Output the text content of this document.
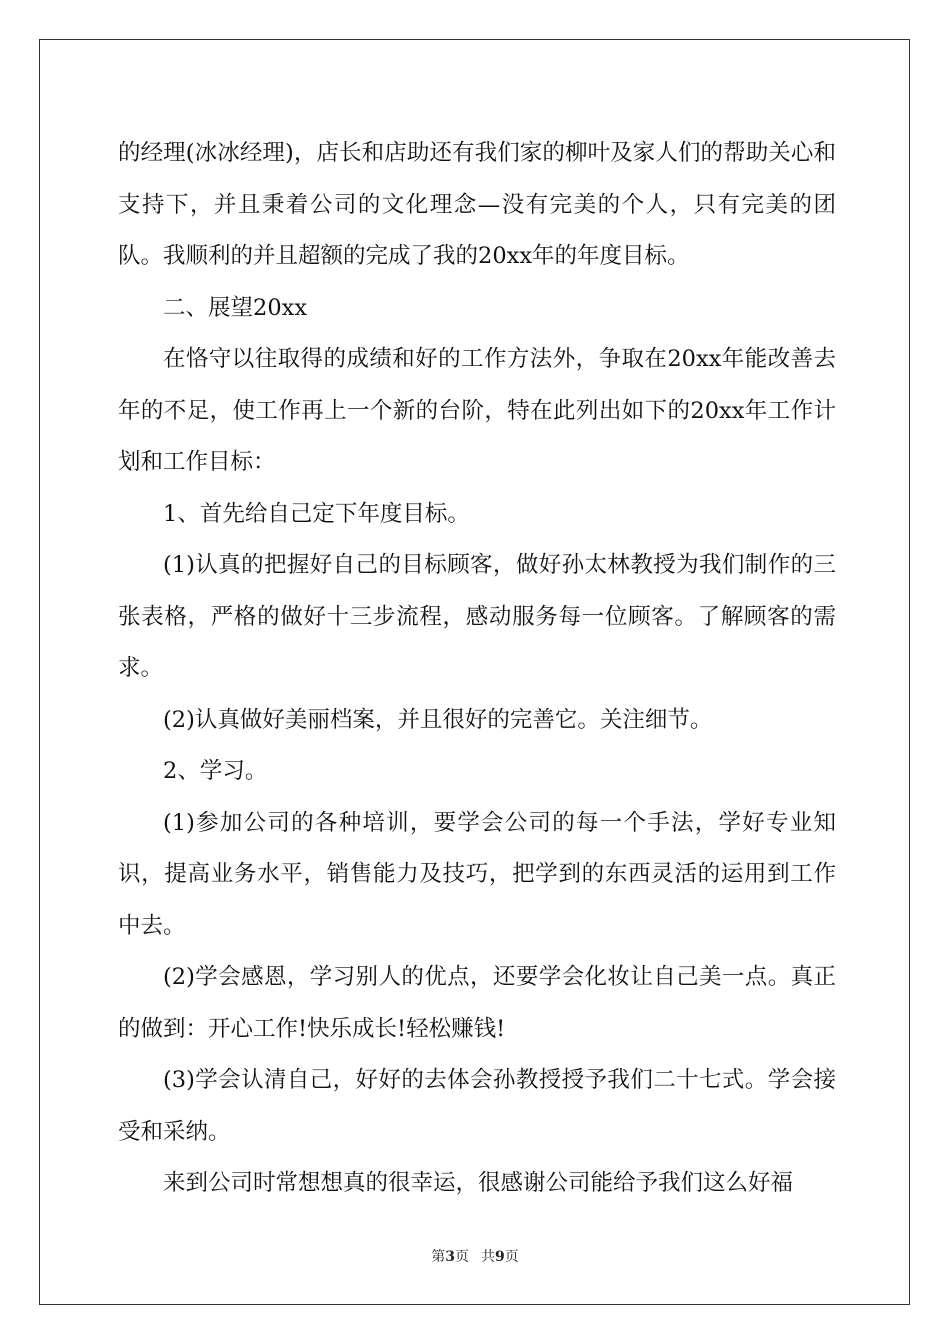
的经理(冰冰经理)，店长和店助还有我们家的柳叶及家人们的帮助关心和支持下，并且秉着公司的文化理念—没有完美的个人，只有完美的团队。我顺利的并且超额的完成了我的20xx年的年度目标。

二、展望20xx

在恪守以往取得的成绩和好的工作方法外，争取在20xx年能改善去年的不足，使工作再上一个新的台阶，特在此列出如下的20xx年工作计划和工作目标：

1、首先给自己定下年度目标。

(1)认真的把握好自己的目标顾客，做好孙太林教授为我们制作的三张表格，严格的做好十三步流程，感动服务每一位顾客。了解顾客的需求。

(2)认真做好美丽档案，并且很好的完善它。关注细节。

2、学习。

(1)参加公司的各种培训，要学会公司的每一个手法，学好专业知识，提高业务水平，销售能力及技巧，把学到的东西灵活的运用到工作中去。

(2)学会感恩，学习别人的优点，还要学会化妆让自己美一点。真正的做到：开心工作!快乐成长!轻松赚钱!

(3)学会认清自己，好好的去体会孙教授授予我们二十七式。学会接受和采纳。

来到公司时常想想真的很幸运，很感谢公司能给予我们这么好福

第3页 共9页
